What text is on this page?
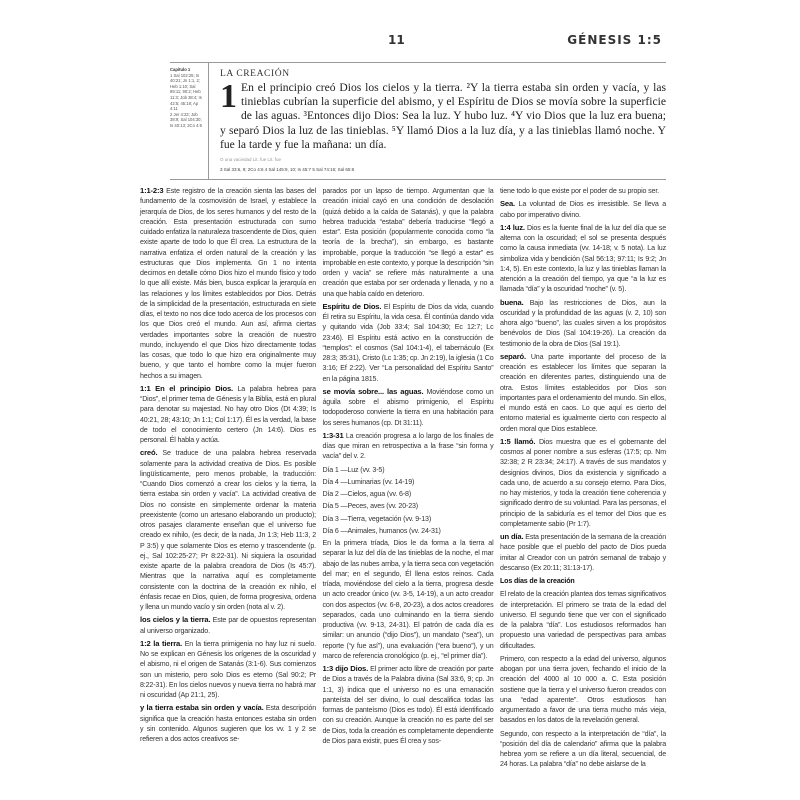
11	GÉNESIS 1:5
Capítulo 1
1 Sal 102:25; Is 40:21; Jn 1:1, 2; Heb 1:10; Sal 89:11; 90:2; Heb 11:3; Job 38:4; Is 42:5; 45:18; Ap 4:11
2 Jer 4:23; Job 38:9; Sal 104:30; Is 40:13; 2Co 4:6
LA CREACIÓN
1 En el principio creó Dios los cielos y la tierra. ²Y la tierra estaba sin orden y vacía, y las tinieblas cubrían la superficie del abismo, y el Espíritu de Dios se movía sobre la superficie de las aguas. ³Entonces dijo Dios: Sea la luz. Y hubo luz. ⁴Y vio Dios que la luz era buena; y separó Dios la luz de las tinieblas. ⁵Y llamó Dios a la luz día, y a las tinieblas llamó noche. Y fue la tarde y fue la mañana: un día.
O una vaciedad Lit. fue Lit. fue
3 Sal 33:6, 9; 2Co 4:6 4 Sal 145:9, 10; Is 45:7 5 Sal 74:16; Sal 65:8

1:1-2:3 Este registro de la creación sienta las bases del fundamento de la cosmovisión de Israel, y establece la jerarquía de Dios, de los seres humanos y del resto de la creación. Esta presentación estructurada con sumo cuidado enfatiza la naturaleza trascendente de Dios, quien existe aparte de todo lo que Él crea. La estructura de la narrativa enfatiza el orden natural de la creación y las estructuras que Dios implementa. Gn 1 no intenta decirnos en detalle cómo Dios hizo el mundo físico y todo lo que allí existe. Más bien, busca explicar la jerarquía en las relaciones y los límites establecidos por Dios. Detrás de la simplicidad de la presentación, estructurada en siete días, el texto no nos dice todo acerca de los procesos con los que Dios creó el mundo. Aun así, afirma ciertas verdades importantes sobre la creación de nuestro mundo, incluyendo el que Dios hizo directamente todas las cosas, que todo lo que hizo era originalmente muy bueno, y que tanto el hombre como la mujer fueron hechos a su imagen.

1:1 En el principio Dios. La palabra hebrea para “Dios”, el primer tema de Génesis y la Biblia, está en plural para denotar su majestad. No hay otro Dios (Dt 4:39; Is 40:21, 28; 43:10; Jn 1:1; Col 1:17). Él es la verdad, la base de todo el conocimiento certero (Jn 14:6). Dios es personal. Él habla y actúa.

creó. Se traduce de una palabra hebrea reservada solamente para la actividad creativa de Dios. Es posible lingüísticamente, pero menos probable, la traducción: “Cuando Dios comenzó a crear los cielos y la tierra, la tierra estaba sin orden y vacía”. La actividad creativa de Dios no consiste en simplemente ordenar la materia preexistente (como un artesano elaborando un producto); otros pasajes claramente enseñan que el universo fue creado ex nihilo, (es decir, de la nada, Jn 1:3; Heb 11:3, 2 P 3:5) y que solamente Dios es eterno y trascendente (p. ej., Sal 102:25-27; Pr 8:22-31). Ni siquiera la oscuridad existe aparte de la palabra creadora de Dios (Is 45:7). Mientras que la narrativa aquí es completamente consistente con la doctrina de la creación ex nihilo, el énfasis recae en Dios, quien, de forma progresiva, ordena y llena un mundo vacío y sin orden (nota al v. 2).

los cielos y la tierra. Este par de opuestos representan al universo organizado.

1:2 la tierra. En la tierra primigenia no hay luz ni suelo. No se explican en Génesis los orígenes de la oscuridad y el abismo, ni el origen de Satanás (3:1-6). Sus comienzos son un misterio, pero solo Dios es eterno (Sal 90:2; Pr 8:22-31). En los cielos nuevos y nueva tierra no habrá mar ni oscuridad (Ap 21:1, 25).

y la tierra estaba sin orden y vacía. Esta descripción significa que la creación hasta entonces estaba sin orden y sin contenido. Algunos sugieren que los vv. 1 y 2 se refieren a dos actos creativos se-

parados por un lapso de tiempo. Argumentan que la creación inicial cayó en una condición de desolación (quizá debido a la caída de Satanás), y que la palabra hebrea traducida “estaba” debería traducirse “llegó a estar”. Esta posición (popularmente conocida como “la teoría de la brecha”), sin embargo, es bastante improbable, porque la traducción “se llegó a estar” es improbable en este contexto, y porque la descripción “sin orden y vacía” se refiere más naturalmente a una creación que estaba por ser ordenada y llenada, y no a una que había caído en deterioro.

Espíritu de Dios. El Espíritu de Dios da vida, cuando Él retira su Espíritu, la vida cesa. Él continúa dando vida y quitando vida (Job 33:4; Sal 104:30; Ec 12:7; Lc 23:46). El Espíritu está activo en la construcción de “templos”: el cosmos (Sal 104:1-4), el tabernáculo (Ex 28:3; 35:31), Cristo (Lc 1:35; cp. Jn 2:19), la iglesia (1 Co 3:16; Ef 2:22). Ver “La personalidad del Espíritu Santo” en la página 1815.

se movía sobre... las aguas. Moviéndose como un águila sobre el abismo primigenio, el Espíritu todopoderoso convierte la tierra en una habitación para los seres humanos (cp. Dt 31:11).

1:3-31 La creación progresa a lo largo de los finales de días que miran en retrospectiva a la frase “sin forma y vacía” del v. 2.

Día 1 —Luz (vv. 3-5)

Día 4 —Luminarias (vv. 14-19)

Día 2 —Cielos, agua (vv. 6-8)

Día 5 —Peces, aves (vv. 20-23)

Día 3 —Tierra, vegetación (vv. 9-13)

Día 6 —Animales, humanos (vv. 24-31)

En la primera tríada, Dios le da forma a la tierra al separar la luz del día de las tinieblas de la noche, el mar abajo de las nubes arriba, y la tierra seca con vegetación del mar; en el segundo, Él llena estos reinos. Cada tríada, moviéndose del cielo a la tierra, progresa desde un acto creador único (vv. 3-5, 14-19), a un acto creador con dos aspectos (vv. 6-8, 20-23), a dos actos creadores separados, cada uno culminando en la tierra siendo productiva (vv. 9-13, 24-31). El patrón de cada día es similar: un anuncio (“dijo Dios”), un mandato (“sea”), un reporte (“y fue así”), una evaluación (“era bueno”), y un marco de referencia cronológico (p. ej., “el primer día”).

1:3 dijo Dios. El primer acto libre de creación por parte de Dios a través de la Palabra divina (Sal 33:6, 9; cp. Jn 1:1, 3) indica que el universo no es una emanación panteísta del ser divino, lo cual descalifica todas las formas de panteísmo (Dios es todo). Él está identificado con su creación. Aunque la creación no es parte del ser de Dios, toda la creación es completamente dependiente de Dios para existir, pues Él crea y sos-

tiene todo lo que existe por el poder de su propio ser.

Sea. La voluntad de Dios es irresistible. Se lleva a cabo por imperativo divino.

1:4 luz. Dios es la fuente final de la luz del día que se alterna con la oscuridad; el sol se presenta después como la causa inmediata (vv. 14-18; v. 5 nota). La luz simboliza vida y bendición (Sal 56:13; 97:11; Is 9:2; Jn 1:4, 5). En este contexto, la luz y las tinieblas llaman la atención a la creación del tiempo, ya que “a la luz es llamada “día” y la oscuridad “noche” (v. 5).

buena. Bajo las restricciones de Dios, aun la oscuridad y la profundidad de las aguas (v. 2, 10) son ahora algo “bueno”, las cuales sirven a los propósitos benévolos de Dios (Sal 104:19-26). La creación da testimonio de la obra de Dios (Sal 19:1).

separó. Una parte importante del proceso de la creación es establecer los límites que separan la creación en diferentes partes, distinguiendo una de otra. Estos límites establecidos por Dios son importantes para el ordenamiento del mundo. Sin ellos, el mundo está en caos. Lo que aquí es cierto del entorno material es igualmente cierto con respecto al orden moral que Dios establece.

1:5 llamó. Dios muestra que es el gobernante del cosmos al poner nombre a sus esferas (17:5; cp. Nm 32:38; 2 R 23:34; 24:17). A través de sus mandatos y designios divinos, Dios da existencia y significado a cada uno, de acuerdo a su consejo eterno. Para Dios, no hay misterios, y toda la creación tiene coherencia y significado dentro de su voluntad. Para las personas, el principio de la sabiduría es el temor del Dios que es completamente sabio (Pr 1:7).

un día. Esta presentación de la semana de la creación hace posible que el pueblo del pacto de Dios pueda imitar al Creador con un patrón semanal de trabajo y descanso (Ex 20:11; 31:13-17).

Los días de la creación

El relato de la creación plantea dos temas significativos de interpretación. El primero se trata de la edad del universo. El segundo tiene que ver con el significado de la palabra “día”. Los estudiosos reformados han propuesto una variedad de perspectivas para ambas dificultades.

Primero, con respecto a la edad del universo, algunos abogan por una tierra joven, fechando el inicio de la creación del 4000 al 10 000 a. C. Esta posición sostiene que la tierra y el universo fueron creados con una “edad aparente”. Otros estudiosos han argumentado a favor de una tierra mucho más vieja, basados en los datos de la revelación general.

Segundo, con respecto a la interpretación de “día”, la “posición del día de calendario” afirma que la palabra hebrea yom se refiere a un día literal, secuencial, de 24 horas. La palabra “día” no debe aislarse de la
